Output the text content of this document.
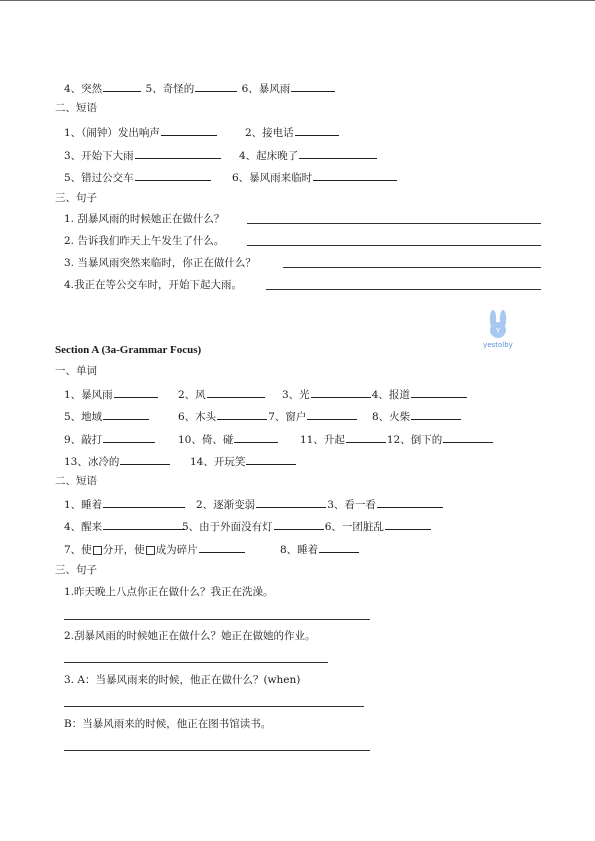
4、突然	5、奇怪的	6、暴风雨
二、短语
1、（闹钟）发出响声	2、接电话
3、开始下大雨	4、起床晚了
5、错过公交车	6、暴风雨来临时
三、句子
1. 刮暴风雨的时候她正在做什么？
2. 告诉我们昨天上午发生了什么。
3. 当暴风雨突然来临时，你正在做什么？
4.我正在等公交车时，开始下起大雨。
Y
yestolby
Section A (3a-Grammar Focus)
一、单词
1、暴风雨	2、风	3、光	4、报道
5、地域	6、木头	7、窗户	8、火柴
9、敲打	10、倚、碰	11、升起	12、倒下的
13、冰冷的	14、开玩笑
二、短语
1、睡着	2、逐渐变弱	3、看一看
4、醒来	5、由于外面没有灯	6、一团脏乱
7、使 分开，使 成为碎片	8、睡着
三、句子
1.昨天晚上八点你正在做什么？我正在洗澡。
2.刮暴风雨的时候她正在做什么？她正在做她的作业。
3. A：当暴风雨来的时候，他正在做什么？(when)
B：当暴风雨来的时候，他正在图书馆读书。
